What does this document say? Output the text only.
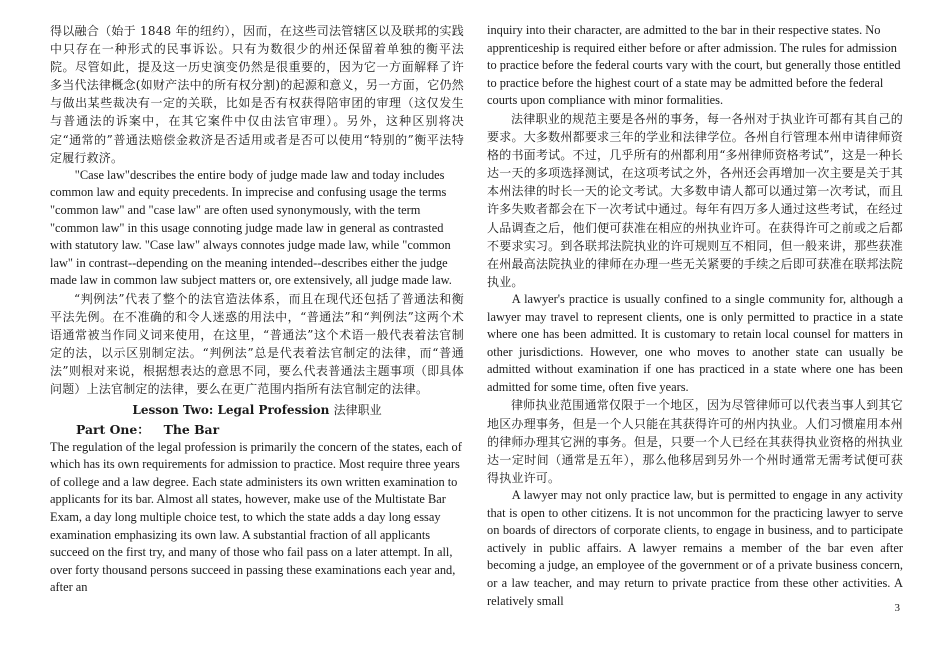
得以融合（始于 1848 年的纽约），因而，在这些司法管辖区以及联邦的实践中只存在一种形式的民事诉讼。只有为数很少的州还保留着单独的衡平法院。尽管如此，提及这一历史演变仍然是很重要的，因为它一方面解释了许多当代法律概念(如财产法中的所有权分割)的起源和意义，另一方面，它仍然与做出某些裁决有一定的关联，比如是否有权获得陪审团的审理（这仅发生与普通法的诉案中，在其它案件中仅由法官审理）。另外，这种区别将决定“通常的”普通法赔偿金救济是否适用或者是否可以使用“特别的”衡平法特定履行救济。

"Case law"describes the entire body of judge made law and today includes common law and equity precedents. In imprecise and confusing usage the terms "common law" and "case law" are often used synonymously, with the term "common law" in this usage connoting judge made law in general as contrasted with statutory law. "Case law" always connotes judge made law, while "common law" in contrast--depending on the meaning intended--describes either the judge made law in common law subject matters or, ore extensively, all judge made law.

“判例法”代表了整个的法官造法体系，而且在现代还包括了普通法和衡平法先例。在不准确的和令人迷惑的用法中，“普通法”和“判例法”这两个术语通常被当作同义词来使用，在这里，“普通法”这个术语一般代表着法官制定的法，以示区别制定法。“判例法”总是代表着法官制定的法律，而“普通法”则根对来说，根据想表达的意思不同，要么代表普通法主题事项（即具体问题）上法官制定的法律，要么在更广范围内指所有法官制定的法律。

Lesson Two: Legal Profession 法律职业
Part One： The Bar

The regulation of the legal profession is primarily the concern of the states, each of which has its own requirements for admission to practice. Most require three years of college and a law degree. Each state administers its own written examination to applicants for its bar. Almost all states, however, make use of the Multistate Bar Exam, a day long multiple choice test, to which the state adds a day long essay examination emphasizing its own law. A substantial fraction of all applicants succeed on the first try, and many of those who fail pass on a later attempt. In all, over forty thousand persons succeed in passing these examinations each year and, after an

inquiry into their character, are admitted to the bar in their respective states. No apprenticeship is required either before or after admission. The rules for admission to practice before the federal courts vary with the court, but generally those entitled to practice before the highest court of a state may be admitted before the federal courts upon compliance with minor formalities.

法律职业的规范主要是各州的事务，每一各州对于执业许可都有其自己的要求。大多数州都要求三年的学业和法律学位。各州自行管理本州申请律师资格的书面考试。不过，几乎所有的州都利用“多州律师资格考试”，这是一种长达一天的多项选择测试，在这项考试之外，各州还会再增加一次主要是关于其本州法律的时长一天的论文考试。大多数申请人都可以通过第一次考试，而且许多失败者都会在下一次考试中通过。每年有四万多人通过这些考试，在经过人品调查之后，他们便可获准在相应的州执业许可。在获得许可之前或之后都不要求实习。到各联邦法院执业的许可规则互不相同，但一般来讲，那些获准在州最高法院执业的律师在办理一些无关紧要的手续之后即可获准在联邦法院执业。

A lawyer's practice is usually confined to a single community for, although a lawyer may travel to represent clients, one is only permitted to practice in a state where one has been admitted. It is customary to retain local counsel for matters in other jurisdictions. However, one who moves to another state can usually be admitted without examination if one has practiced in a state where one has been admitted for some time, often five years.

律师执业范围通常仅限于一个地区，因为尽管律师可以代表当事人到其它地区办理事务，但是一个人只能在其获得许可的州内执业。人们习惯雇用本州的律师办理其它洲的事务。但是，只要一个人已经在其获得执业资格的州执业达一定时间（通常是五年），那么他移居到另外一个州时通常无需考试便可获得执业许可。

A lawyer may not only practice law, but is permitted to engage in any activity that is open to other citizens. It is not uncommon for the practicing lawyer to serve on boards of directors of corporate clients, to engage in business, and to participate actively in public affairs. A lawyer remains a member of the bar even after becoming a judge, an employee of the government or of a private business concern, or a law teacher, and may return to private practice from these other activities. A relatively small

3
